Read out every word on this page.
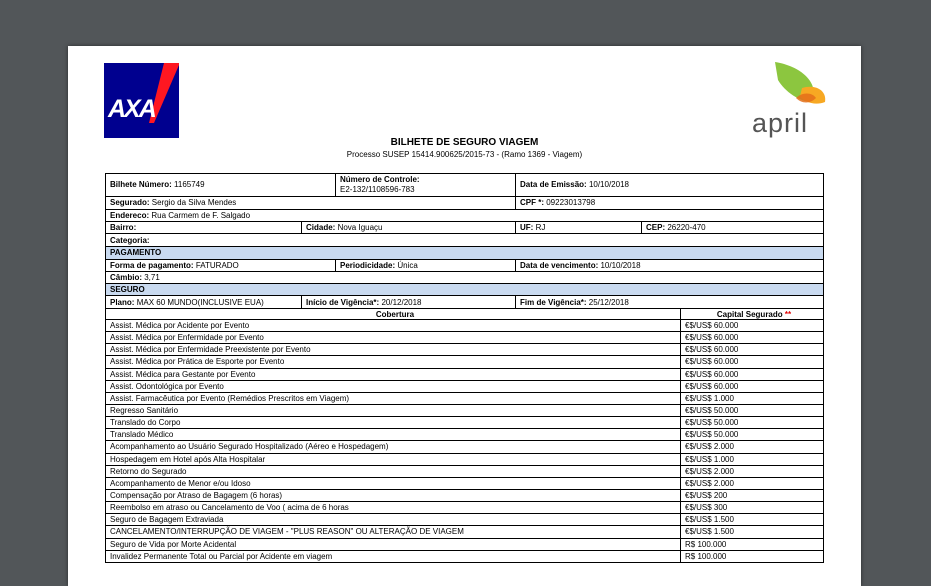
AXA	april
BILHETE DE SEGURO VIAGEM
Processo SUSEP 15414.900625/2015-73 - (Ramo 1369 - Viagem)
Bilhete Número: 1165749
Número de Controle:
E2-132/1108596-783
Data de Emissão: 10/10/2018
Segurado: Sergio da Silva Mendes	CPF *: 09223013798
Endereco: Rua Carmem de F. Salgado
Bairro:	Cidade: Nova Iguaçu	UF: RJ	CEP: 26220-470
Categoria:
PAGAMENTO
Forma de pagamento: FATURADO	Periodicidade: Única	Data de vencimento: 10/10/2018
Câmbio: 3,71
SEGURO
Plano: MAX 60 MUNDO(INCLUSIVE EUA)	Início de Vigência*: 20/12/2018	Fim de Vigência*: 25/12/2018
Cobertura	Capital Segurado **
Assist. Médica por Acidente por Evento	€$/US$ 60.000
Assist. Médica por Enfermidade por Evento	€$/US$ 60.000
Assist. Médica por Enfermidade Preexistente por Evento	€$/US$ 60.000
Assist. Médica por Prática de Esporte por Evento	€$/US$ 60.000
Assist. Médica para Gestante por Evento	€$/US$ 60.000
Assist. Odontológica por Evento	€$/US$ 60.000
Assist. Farmacêutica por Evento (Remédios Prescritos em Viagem)	€$/US$ 1.000
Regresso Sanitário	€$/US$ 50.000
Translado do Corpo	€$/US$ 50.000
Translado Médico	€$/US$ 50.000
Acompanhamento ao Usuário Segurado Hospitalizado (Aéreo e Hospedagem)	€$/US$ 2.000
Hospedagem em Hotel após Alta Hospitalar	€$/US$ 1.000
Retorno do Segurado	€$/US$ 2.000
Acompanhamento de Menor e/ou Idoso	€$/US$ 2.000
Compensação por Atraso de Bagagem (6 horas)	€$/US$ 200
Reembolso em atraso ou Cancelamento de Voo ( acima de 6 horas	€$/US$ 300
Seguro de Bagagem Extraviada	€$/US$ 1.500
CANCELAMENTO/INTERRUPÇÃO DE VIAGEM - "PLUS REASON" OU ALTERAÇÃO DE VIAGEM	€$/US$ 1.500
Seguro de Vida por Morte Acidental	R$ 100.000
Invalidez Permanente Total ou Parcial por Acidente em viagem	R$ 100.000
